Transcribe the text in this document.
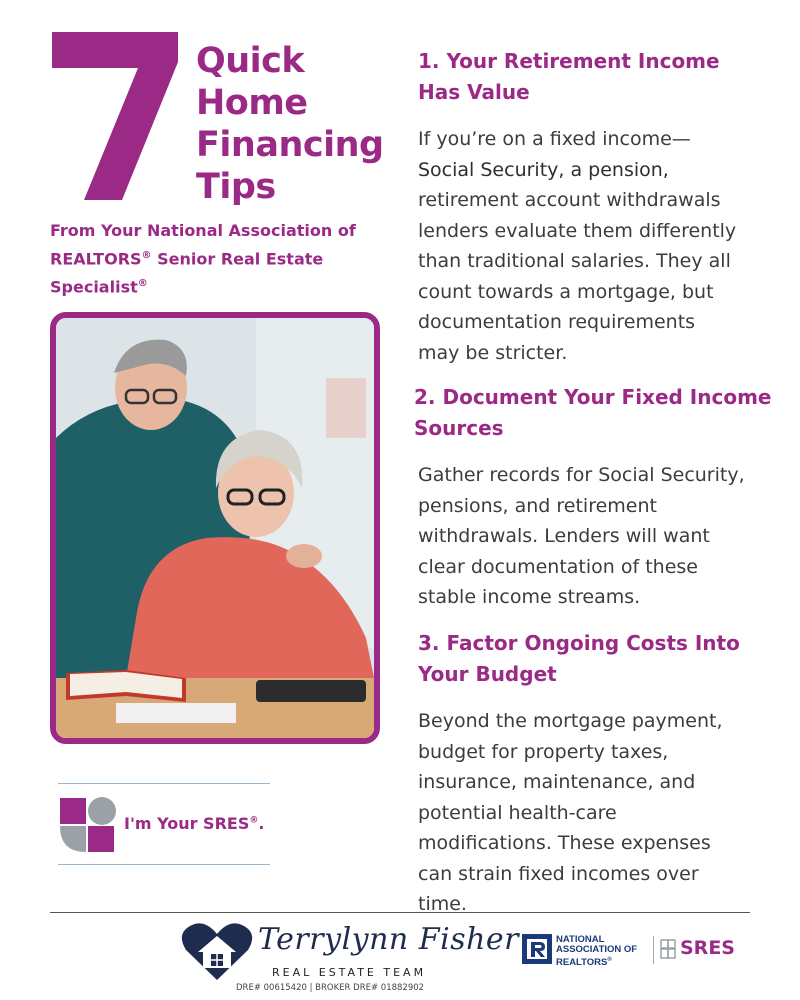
Quick
Home
Financing
Tips
From Your National Association of
REALTORS® Senior Real Estate
Specialist®
I'm Your SRES®.
1. Your Retirement Income
Has Value
If you’re on a fixed income—
Social Security, a pension,
retirement account withdrawals
lenders evaluate them differently
than traditional salaries. They all
count towards a mortgage, but
documentation requirements
may be stricter.
2. Document Your Fixed Income
Sources
Gather records for Social Security,
pensions, and retirement
withdrawals. Lenders will want
clear documentation of these
stable income streams.
3. Factor Ongoing Costs Into
Your Budget
Beyond the mortgage payment,
budget for property taxes,
insurance, maintenance, and
potential health-care
modifications. These expenses
can strain fixed incomes over
time.
Terrylynn Fisher
REAL ESTATE TEAM
DRE# 00615420 | BROKER DRE# 01882902
NATIONAL
ASSOCIATION OF
REALTORS®
SRES
